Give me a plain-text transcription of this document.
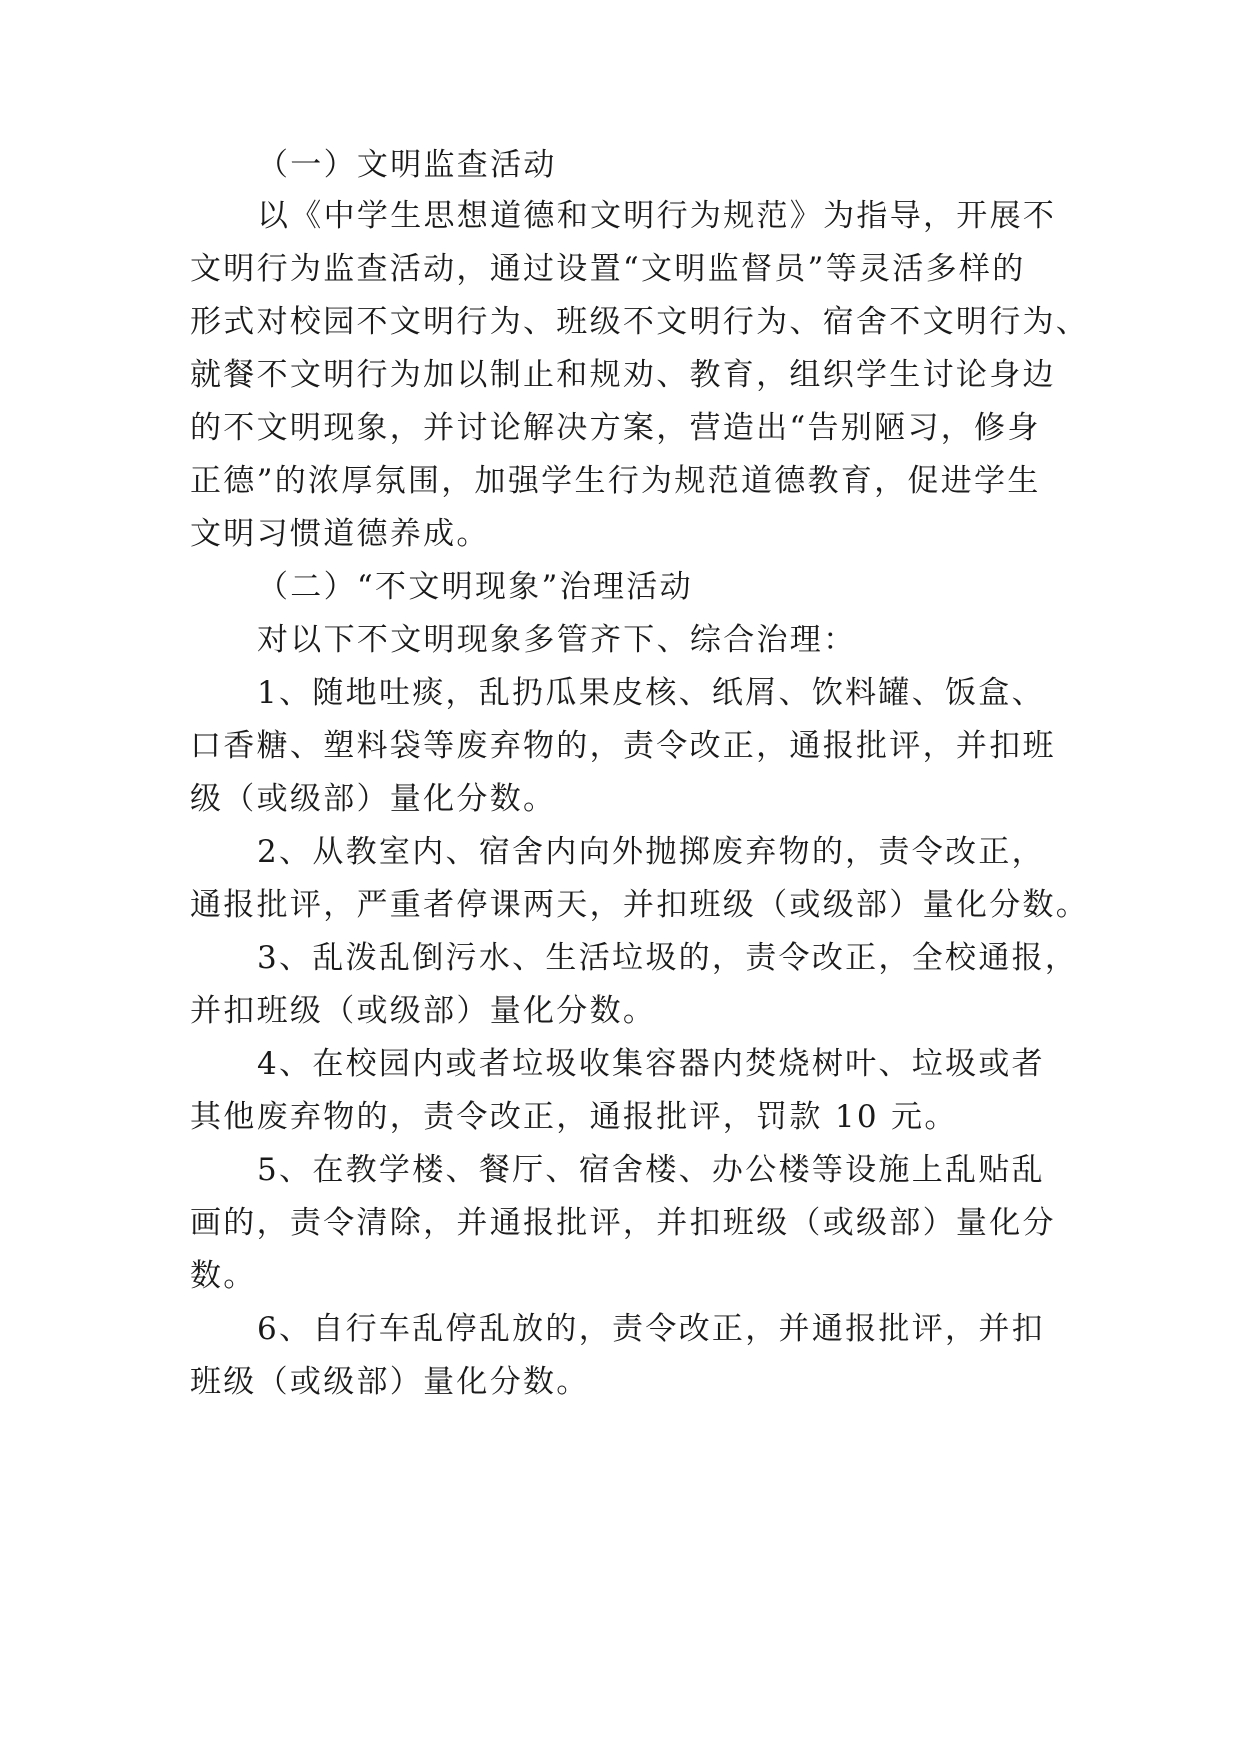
（一）文明监查活动
以《中学生思想道德和文明行为规范》为指导，开展不
文明行为监查活动，通过设置“文明监督员”等灵活多样的
形式对校园不文明行为、班级不文明行为、宿舍不文明行为、
就餐不文明行为加以制止和规劝、教育，组织学生讨论身边
的不文明现象，并讨论解决方案，营造出“告别陋习，修身
正德”的浓厚氛围，加强学生行为规范道德教育，促进学生
文明习惯道德养成。
（二）“不文明现象”治理活动
对以下不文明现象多管齐下、综合治理：
1、随地吐痰，乱扔瓜果皮核、纸屑、饮料罐、饭盒、
口香糖、塑料袋等废弃物的，责令改正，通报批评，并扣班
级（或级部）量化分数。
2、从教室内、宿舍内向外抛掷废弃物的，责令改正，
通报批评，严重者停课两天，并扣班级（或级部）量化分数。
3、乱泼乱倒污水、生活垃圾的，责令改正，全校通报，
并扣班级（或级部）量化分数。
4、在校园内或者垃圾收集容器内焚烧树叶、垃圾或者
其他废弃物的，责令改正，通报批评，罚款 10 元。
5、在教学楼、餐厅、宿舍楼、办公楼等设施上乱贴乱
画的，责令清除，并通报批评，并扣班级（或级部）量化分
数。
6、自行车乱停乱放的，责令改正，并通报批评，并扣
班级（或级部）量化分数。
